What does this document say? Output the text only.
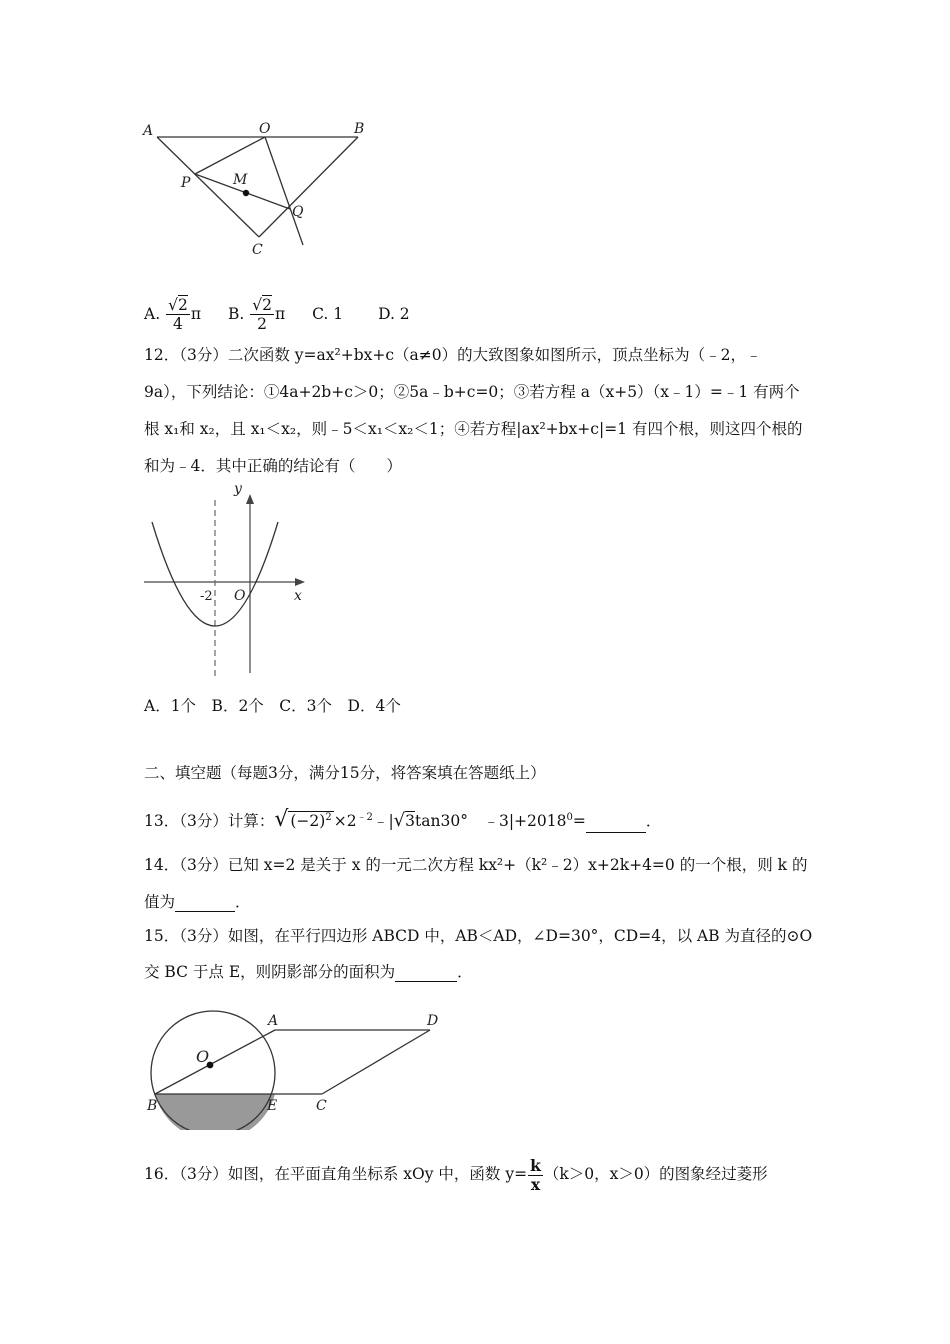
A	O	B
P	M
Q
C
A. $\frac{√2}{4}$ π B. $\frac{√2}{2}$ π C. 1 D. 2
12．（3分）二次函数 y=ax²+bx+c（a≠0）的大致图象如图所示，顶点坐标为（﹣2，﹣
9a），下列结论：①4a+2b+c＞0；②5a﹣b+c=0；③若方程 a（x+5）（x﹣1）=﹣1 有两个
根 x₁和 x₂，且 x₁＜x₂，则﹣5＜x₁＜x₂＜1；④若方程|ax²+bx+c|=1 有四个根，则这四个根的
和为﹣4．其中正确的结论有（　　）
y
x
O
-2
A．1个　B．2个　C．3个　D．4个
二、填空题（每题3分，满分15分，将答案填在答题纸上）
13．（3分）计算：√ $(-2)^2$ $\times 2^{﹣2}﹣|√3\tan 30^\circ$　$﹣3|+2018^0=$	．
14．（3分）已知 x=2 是关于 x 的一元二次方程 kx²+（k²﹣2）x+2k+4=0 的一个根，则 k 的
值为	．
15．（3分）如图，在平行四边形 ABCD 中，AB＜AD，∠D=30°，CD=4，以 AB 为直径的⊙O
交 BC 于点 E，则阴影部分的面积为	．
A	D
O
B	E	C
16．（3分）如图，在平面直角坐标系 xOy 中，函数 $y= \frac{k}{x} (k>0$，x＞0）的图象经过菱形
